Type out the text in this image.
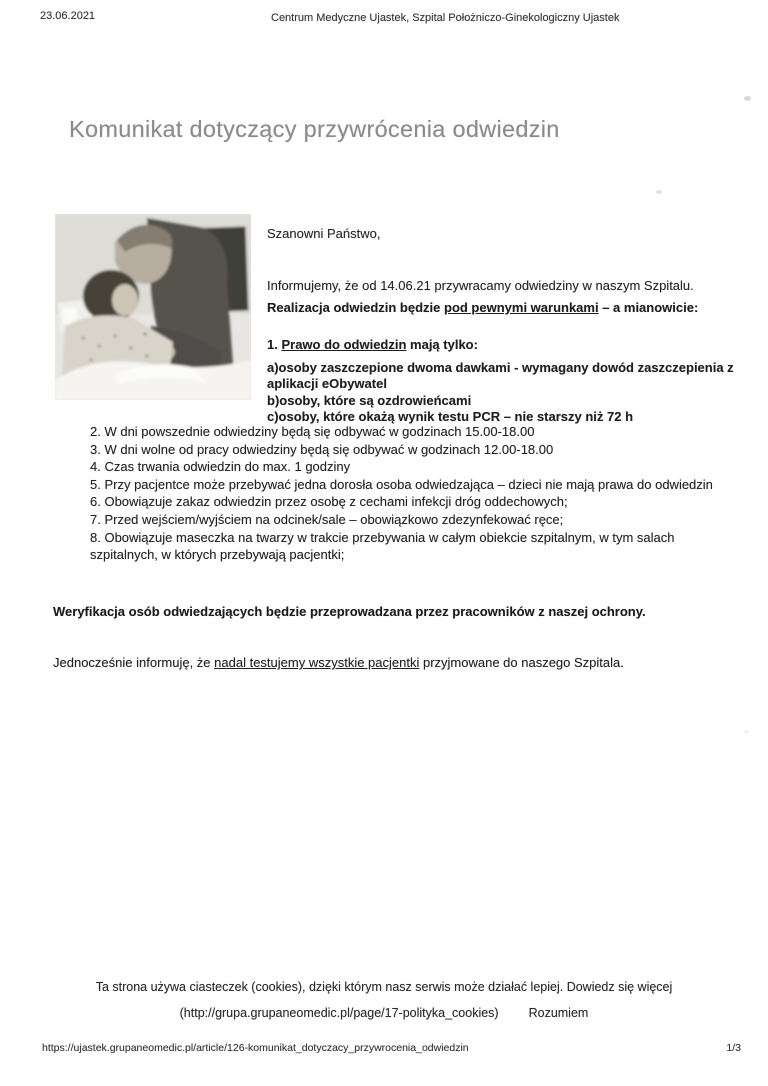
23.06.2021	Centrum Medyczne Ujastek, Szpital Położniczo-Ginekologiczny Ujastek
Komunikat dotyczący przywrócenia odwiedzin

Szanowni Państwo,

Informujemy, że od 14.06.21 przywracamy odwiedziny w naszym Szpitalu.

Realizacja odwiedzin będzie pod pewnymi warunkami – a mianowicie:

1. Prawo do odwiedzin mają tylko:
a)osoby zaszczepione dwoma dawkami - wymagany dowód zaszczepienia z aplikacji eObywatel
b)osoby, które są ozdrowieńcami
c)osoby, które okażą wynik testu PCR – nie starszy niż 72 h
2. W dni powszednie odwiedziny będą się odbywać w godzinach 15.00-18.00
3. W dni wolne od pracy odwiedziny będą się odbywać w godzinach 12.00-18.00
4. Czas trwania odwiedzin do max. 1 godziny
5. Przy pacjentce może przebywać jedna dorosła osoba odwiedzająca – dzieci nie mają prawa do odwiedzin
6. Obowiązuje zakaz odwiedzin przez osobę z cechami infekcji dróg oddechowych;
7. Przed wejściem/wyjściem na odcinek/sale – obowiązkowo zdezynfekować ręce;
8. Obowiązuje maseczka na twarzy w trakcie przebywania w całym obiekcie szpitalnym, w tym salach szpitalnych, w których przebywają pacjentki;

Weryfikacja osób odwiedzających będzie przeprowadzana przez pracowników z naszej ochrony.

Jednocześnie informuję, że nadal testujemy wszystkie pacjentki przyjmowane do naszego Szpitala.

Ta strona używa ciasteczek (cookies), dzięki którym nasz serwis może działać lepiej. Dowiedz się więcej
(http://grupa.grupaneomedic.pl/page/17-polityka_cookies) Rozumiem
https://ujastek.grupaneomedic.pl/article/126-komunikat_dotyczacy_przywrocenia_odwiedzin	1/3
